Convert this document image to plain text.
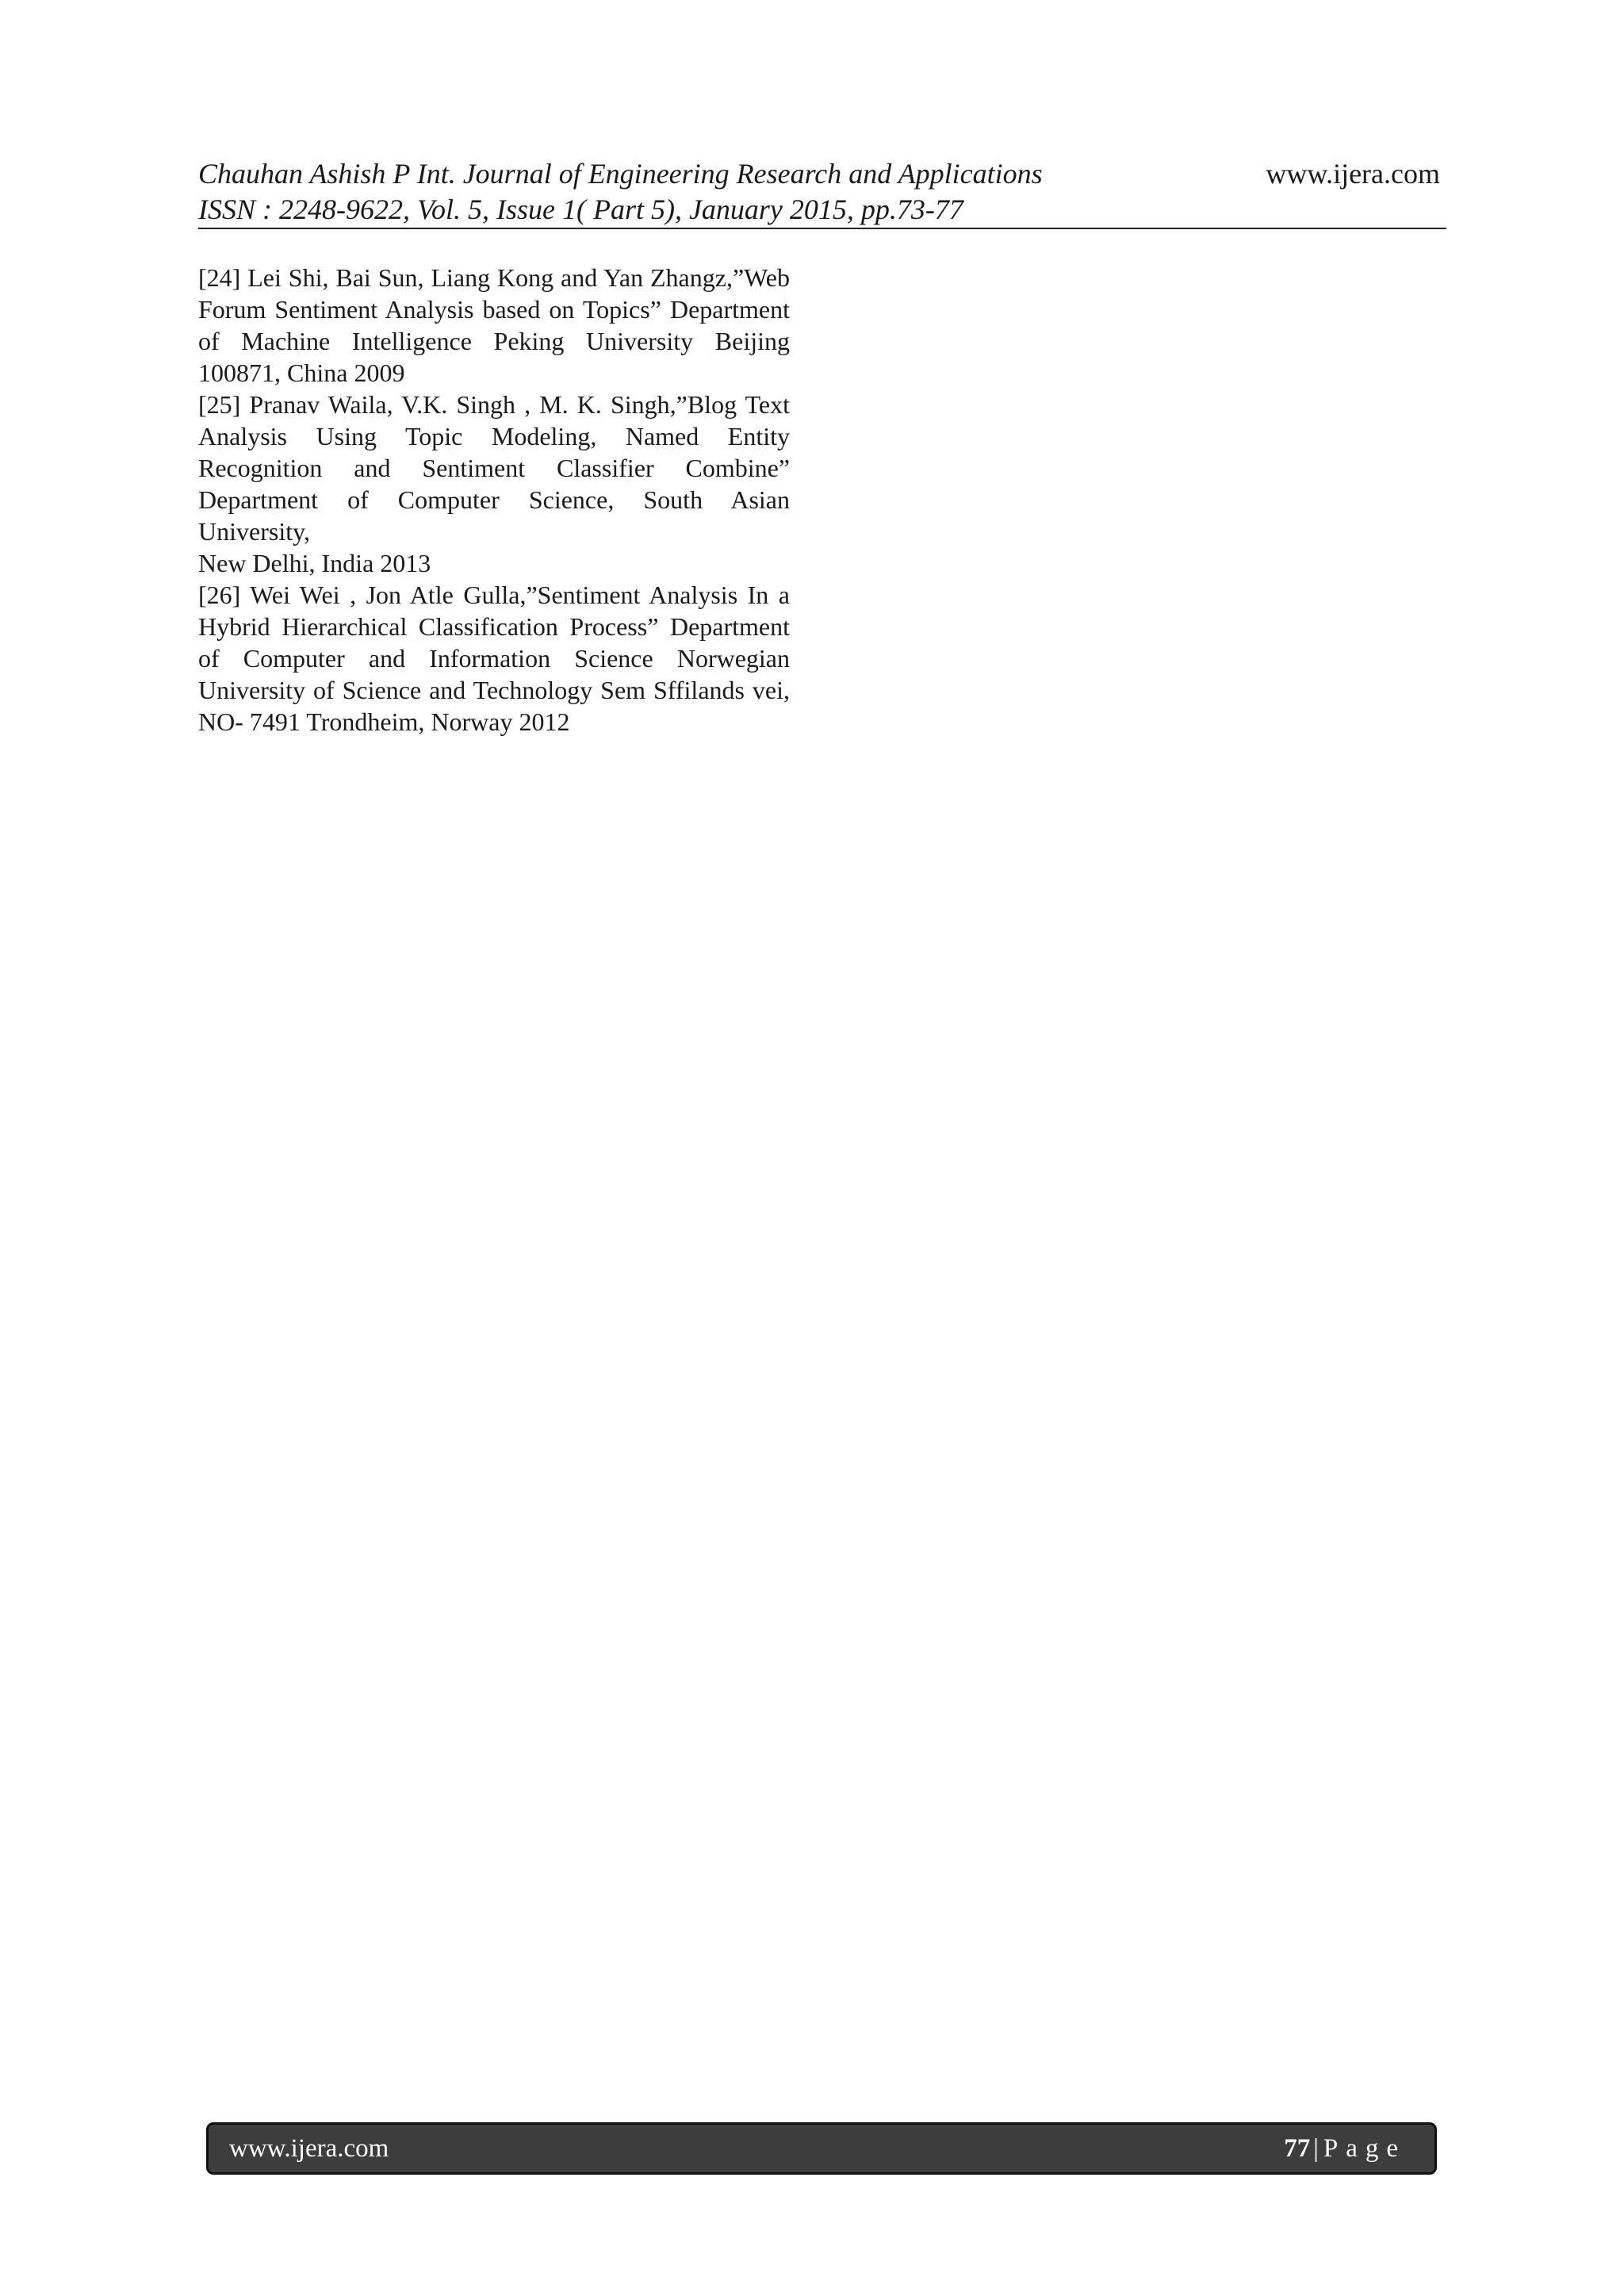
Chauhan Ashish P Int. Journal of Engineering Research and Applications	www.ijera.com
ISSN : 2248-9622, Vol. 5, Issue 1( Part 5), January 2015, pp.73-77

[24] Lei Shi, Bai Sun, Liang Kong and Yan Zhangz,”Web Forum Sentiment Analysis based on Topics” Department of Machine Intelligence Peking University Beijing 100871, China 2009

[25] Pranav Waila, V.K. Singh , M. K. Singh,”Blog Text Analysis Using Topic Modeling, Named Entity Recognition and Sentiment Classifier Combine” Department of Computer Science, South Asian University,

New Delhi, India 2013

[26] Wei Wei , Jon Atle Gulla,”Sentiment Analysis In a Hybrid Hierarchical Classification Process” Department of Computer and Information Science Norwegian University of Science and Technology Sem Sffilands vei, NO- 7491 Trondheim, Norway 2012

www.ijera.com	77 | Page
